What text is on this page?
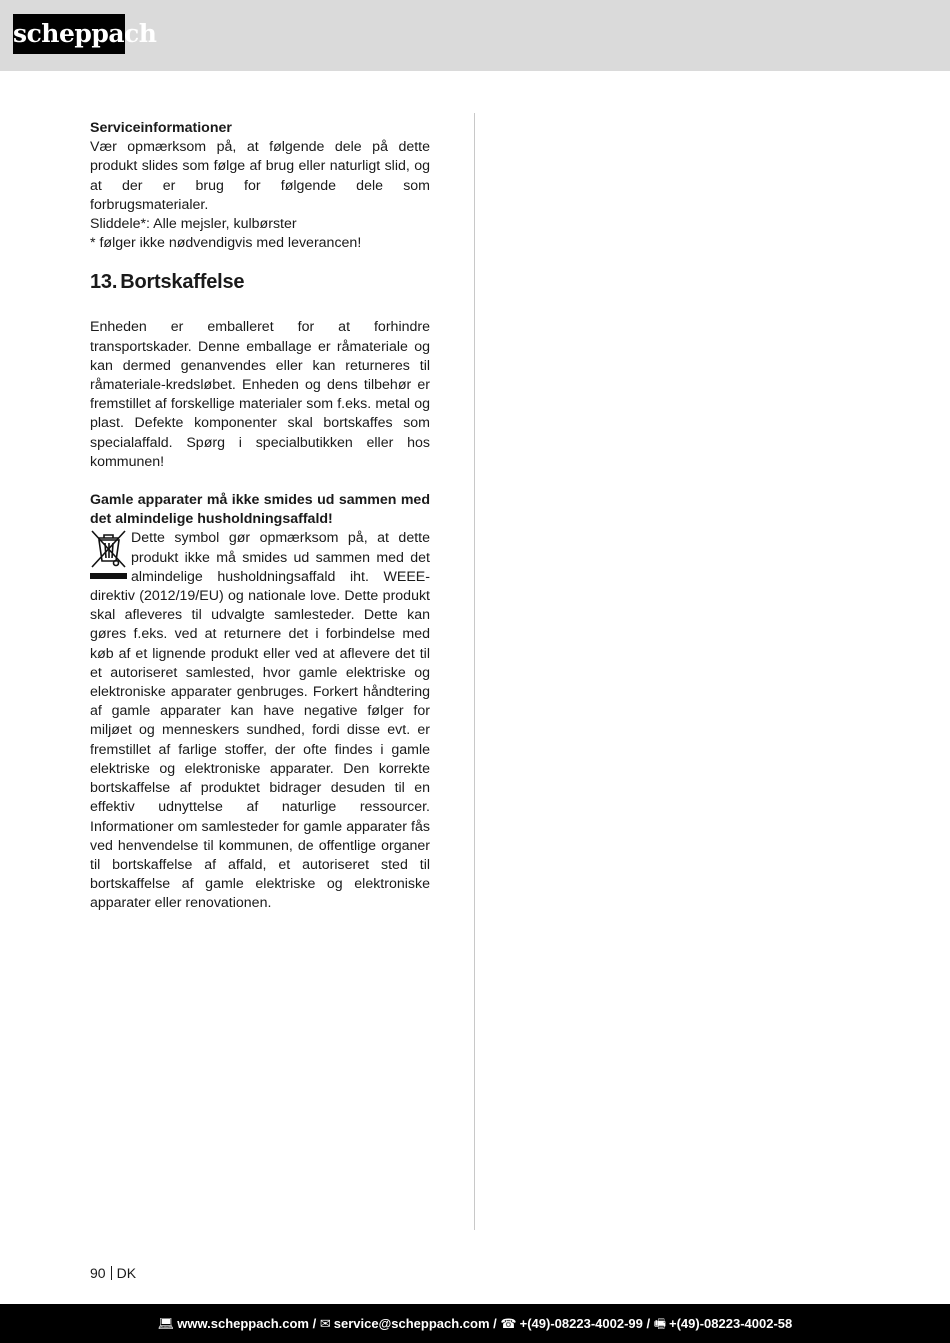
scheppach

Serviceinformationer

Vær opmærksom på, at følgende dele på dette produkt slides som følge af brug eller naturligt slid, og at der er brug for følgende dele som forbrugsmaterialer.

Sliddele*: Alle mejsler, kulbørster

* følger ikke nødvendigvis med leverancen!

13. Bortskaffelse

Enheden er emballeret for at forhindre transportskader. Denne emballage er råmateriale og kan dermed genanvendes eller kan returneres til råmateriale-kredsløbet. Enheden og dens tilbehør er fremstillet af forskellige materialer som f.eks. metal og plast. Defekte komponenter skal bortskaffes som specialaffald. Spørg i specialbutikken eller hos kommunen!

Gamle apparater må ikke smides ud sammen med det almindelige husholdningsaffald!

Dette symbol gør opmærksom på, at dette produkt ikke må smides ud sammen med det almindelige husholdningsaffald iht. WEEE-direktiv (2012/19/EU) og nationale love. Dette produkt skal afleveres til udvalgte samlesteder. Dette kan gøres f.eks. ved at returnere det i forbindelse med køb af et lignende produkt eller ved at aflevere det til et autoriseret samlested, hvor gamle elektriske og elektroniske apparater genbruges. Forkert håndtering af gamle apparater kan have negative følger for miljøet og menneskers sundhed, fordi disse evt. er fremstillet af farlige stoffer, der ofte findes i gamle elektriske og elektroniske apparater. Den korrekte bortskaffelse af produktet bidrager desuden til en effektiv udnyttelse af naturlige ressourcer. Informationer om samlesteder for gamle apparater fås ved henvendelse til kommunen, de offentlige organer til bortskaffelse af affald, et autoriseret sted til bortskaffelse af gamle elektriske og elektroniske apparater eller renovationen.

90 DK
💻︎ www.scheppach.com / ✉︎ service@scheppach.com / ☎ +(49)-08223-4002-99 / 🖷︎ +(49)-08223-4002-58
